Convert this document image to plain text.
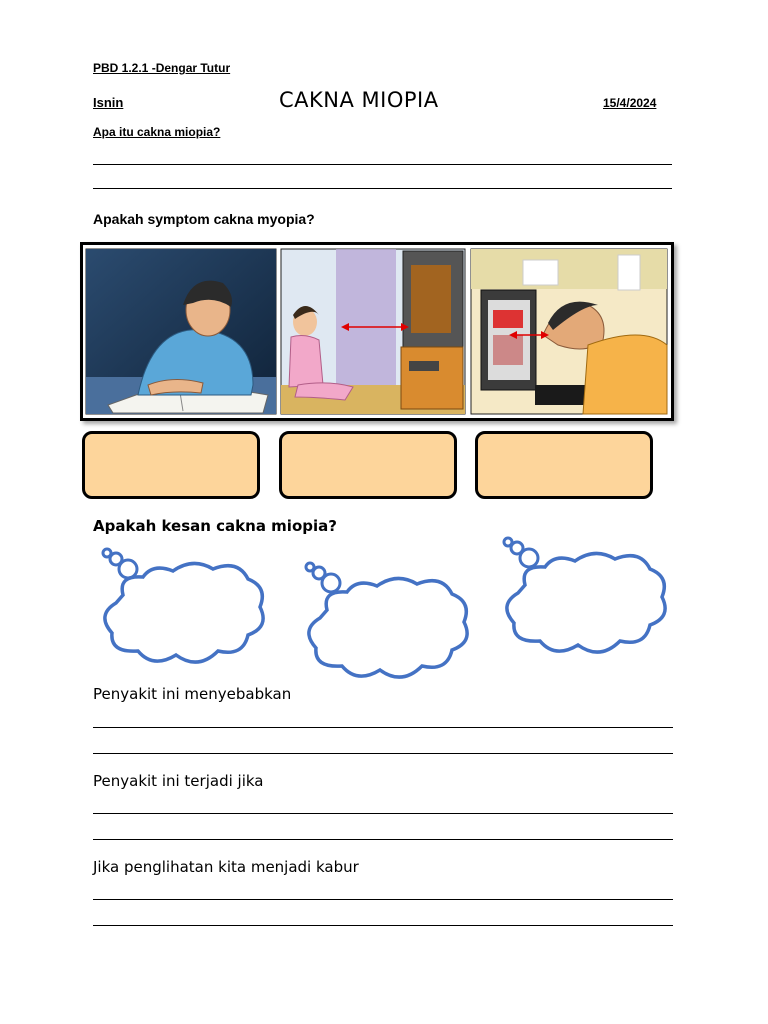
PBD 1.2.1 -Dengar Tutur
Isnin	CAKNA MIOPIA	15/4/2024
Apa itu cakna miopia?
Apakah symptom cakna myopia?
Apakah kesan cakna miopia?
Penyakit ini menyebabkan
Penyakit ini terjadi jika
Jika penglihatan kita menjadi kabur
